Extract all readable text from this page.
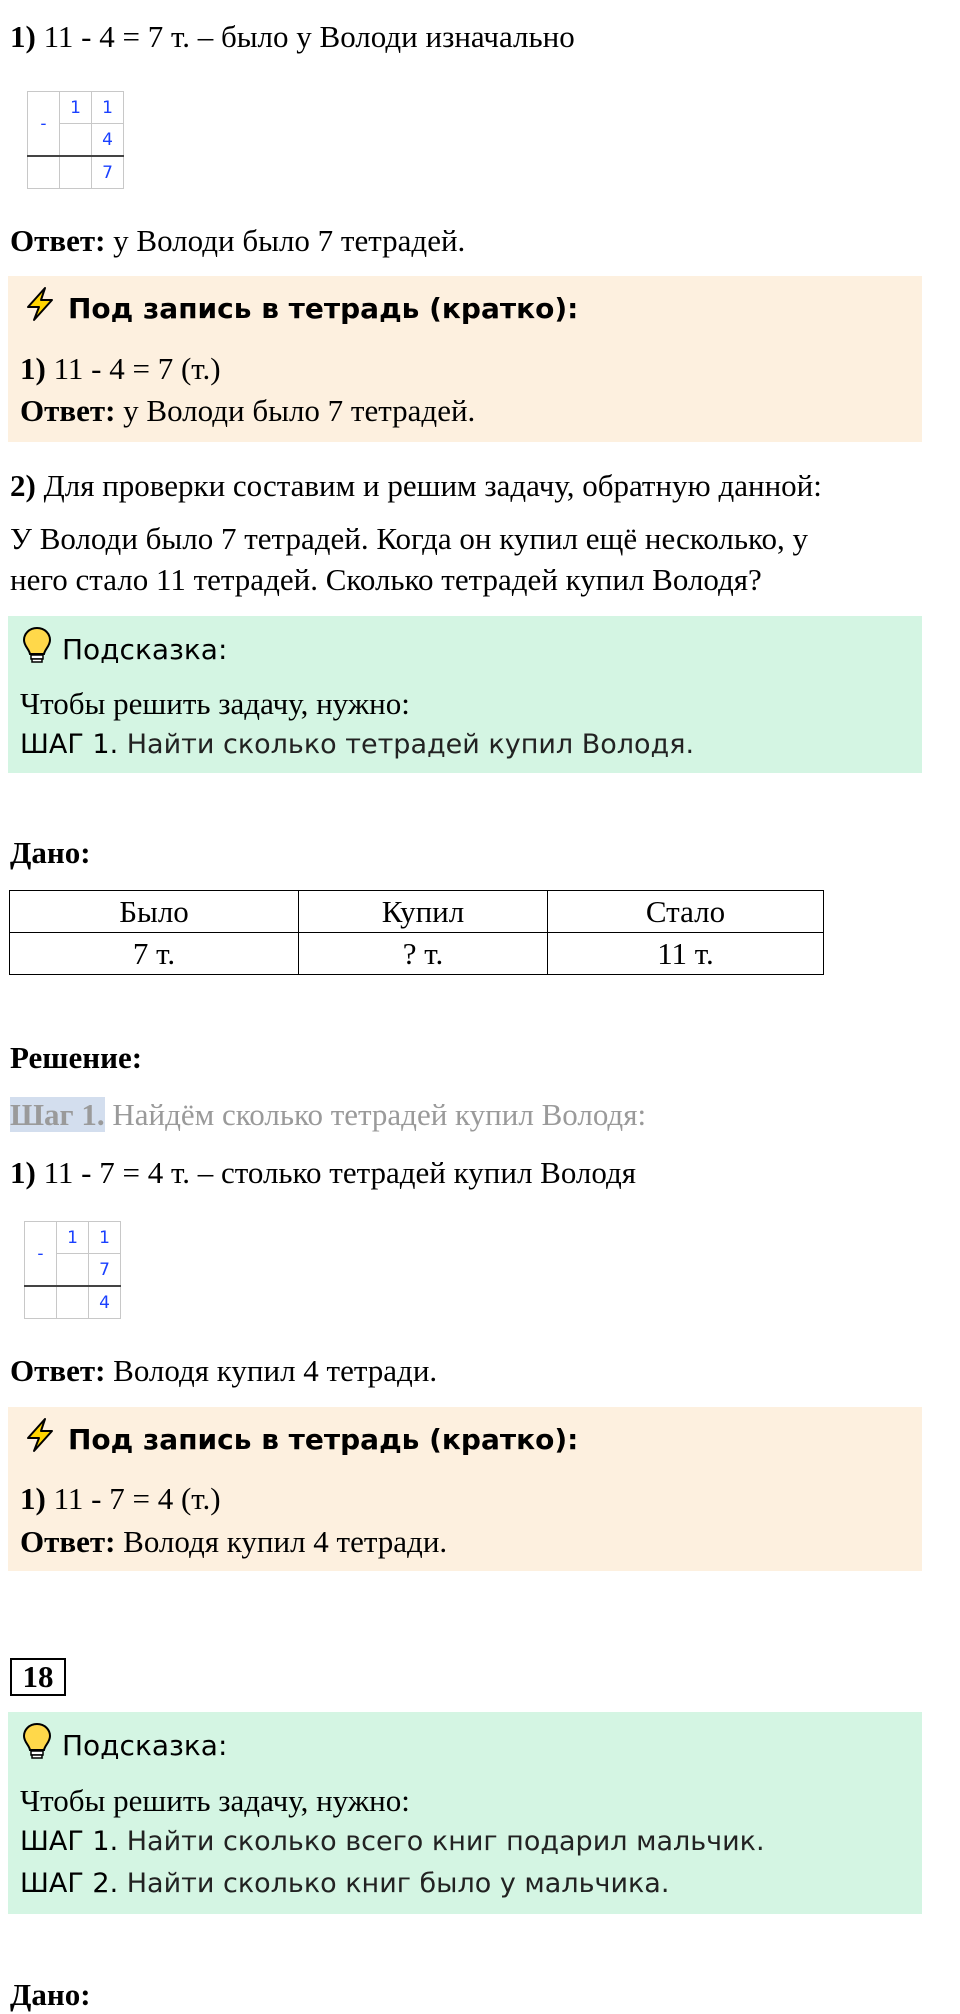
1) 11 - 4 = 7 т. – было у Володи изначально
-	1	1
		4
		7
Ответ: у Володи было 7 тетрадей.
Под запись в тетрадь (кратко):
1) 11 - 4 = 7 (т.)
Ответ: у Володи было 7 тетрадей.
2) Для проверки составим и решим задачу, обратную данной:
У Володи было 7 тетрадей. Когда он купил ещё несколько, у
него стало 11 тетрадей. Сколько тетрадей купил Володя?
Подсказка:
Чтобы решить задачу, нужно:
ШАГ 1. Найти сколько тетрадей купил Володя.
Дано:
Было	Купил	Стало
7 т.	? т.	11 т.
Решение:
Шаг 1. Найдём сколько тетрадей купил Володя:
1) 11 - 7 = 4 т. – столько тетрадей купил Володя
-	1	1
		7
		4
Ответ: Володя купил 4 тетради.
Под запись в тетрадь (кратко):
1) 11 - 7 = 4 (т.)
Ответ: Володя купил 4 тетради.
18
Подсказка:
Чтобы решить задачу, нужно:
ШАГ 1. Найти сколько всего книг подарил мальчик.
ШАГ 2. Найти сколько книг было у мальчика.
Дано:
